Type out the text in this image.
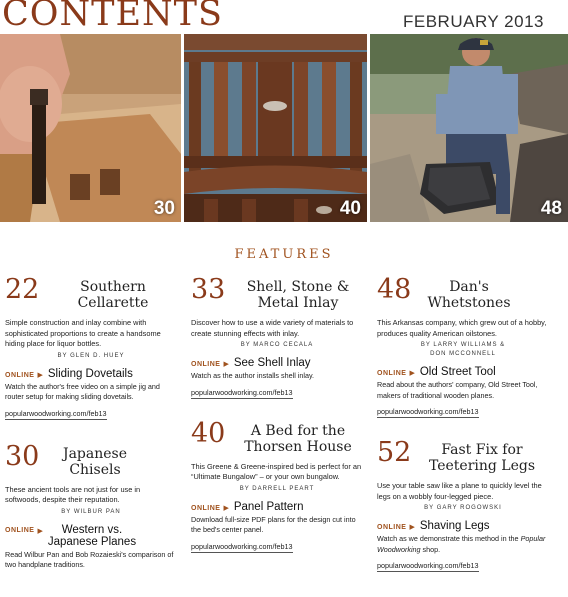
CONTENTS	FEBRUARY 2013
30	40	48
FEATURES
22	Southern
Cellarette
Simple construction and inlay combine with sophisticated proportions to create a handsome hiding place for liquor bottles.
BY GLEN D. HUEY
ONLINE ▶ Sliding Dovetails
Watch the author's free video on a simple jig and router setup for making sliding dovetails.
popularwoodworking.com/feb13
30	Japanese
Chisels
These ancient tools are not just for use in softwoods, despite their reputation.
BY WILBUR PAN
ONLINE ▶	Western vs.
Japanese Planes
Read Wilbur Pan and Bob Rozaieski's comparison of two handplane traditions.
33	Shell, Stone &
Metal Inlay
Discover how to use a wide variety of materials to create stunning effects with inlay.
BY MARCO CECALA
ONLINE ▶ See Shell Inlay
Watch as the author installs shell inlay.
popularwoodworking.com/feb13
40	A Bed for the
Thorsen House
This Greene & Greene-inspired bed is perfect for an “Ultimate Bungalow” – or your own bungalow.
BY DARRELL PEART
ONLINE ▶ Panel Pattern
Download full-size PDF plans for the design cut into the bed's center panel.
popularwoodworking.com/feb13
48	Dan's
Whetstones
This Arkansas company, which grew out of a hobby, produces quality American oilstones.
BY LARRY WILLIAMS &
DON MCCONNELL
ONLINE ▶ Old Street Tool
Read about the authors' company, Old Street Tool, makers of traditional wooden planes.
popularwoodworking.com/feb13
52	Fast Fix for
Teetering Legs
Use your table saw like a plane to quickly level the legs on a wobbly four-legged piece.
BY GARY ROGOWSKI
ONLINE ▶ Shaving Legs
Watch as we demonstrate this method in the Popular Woodworking shop.
popularwoodworking.com/feb13
